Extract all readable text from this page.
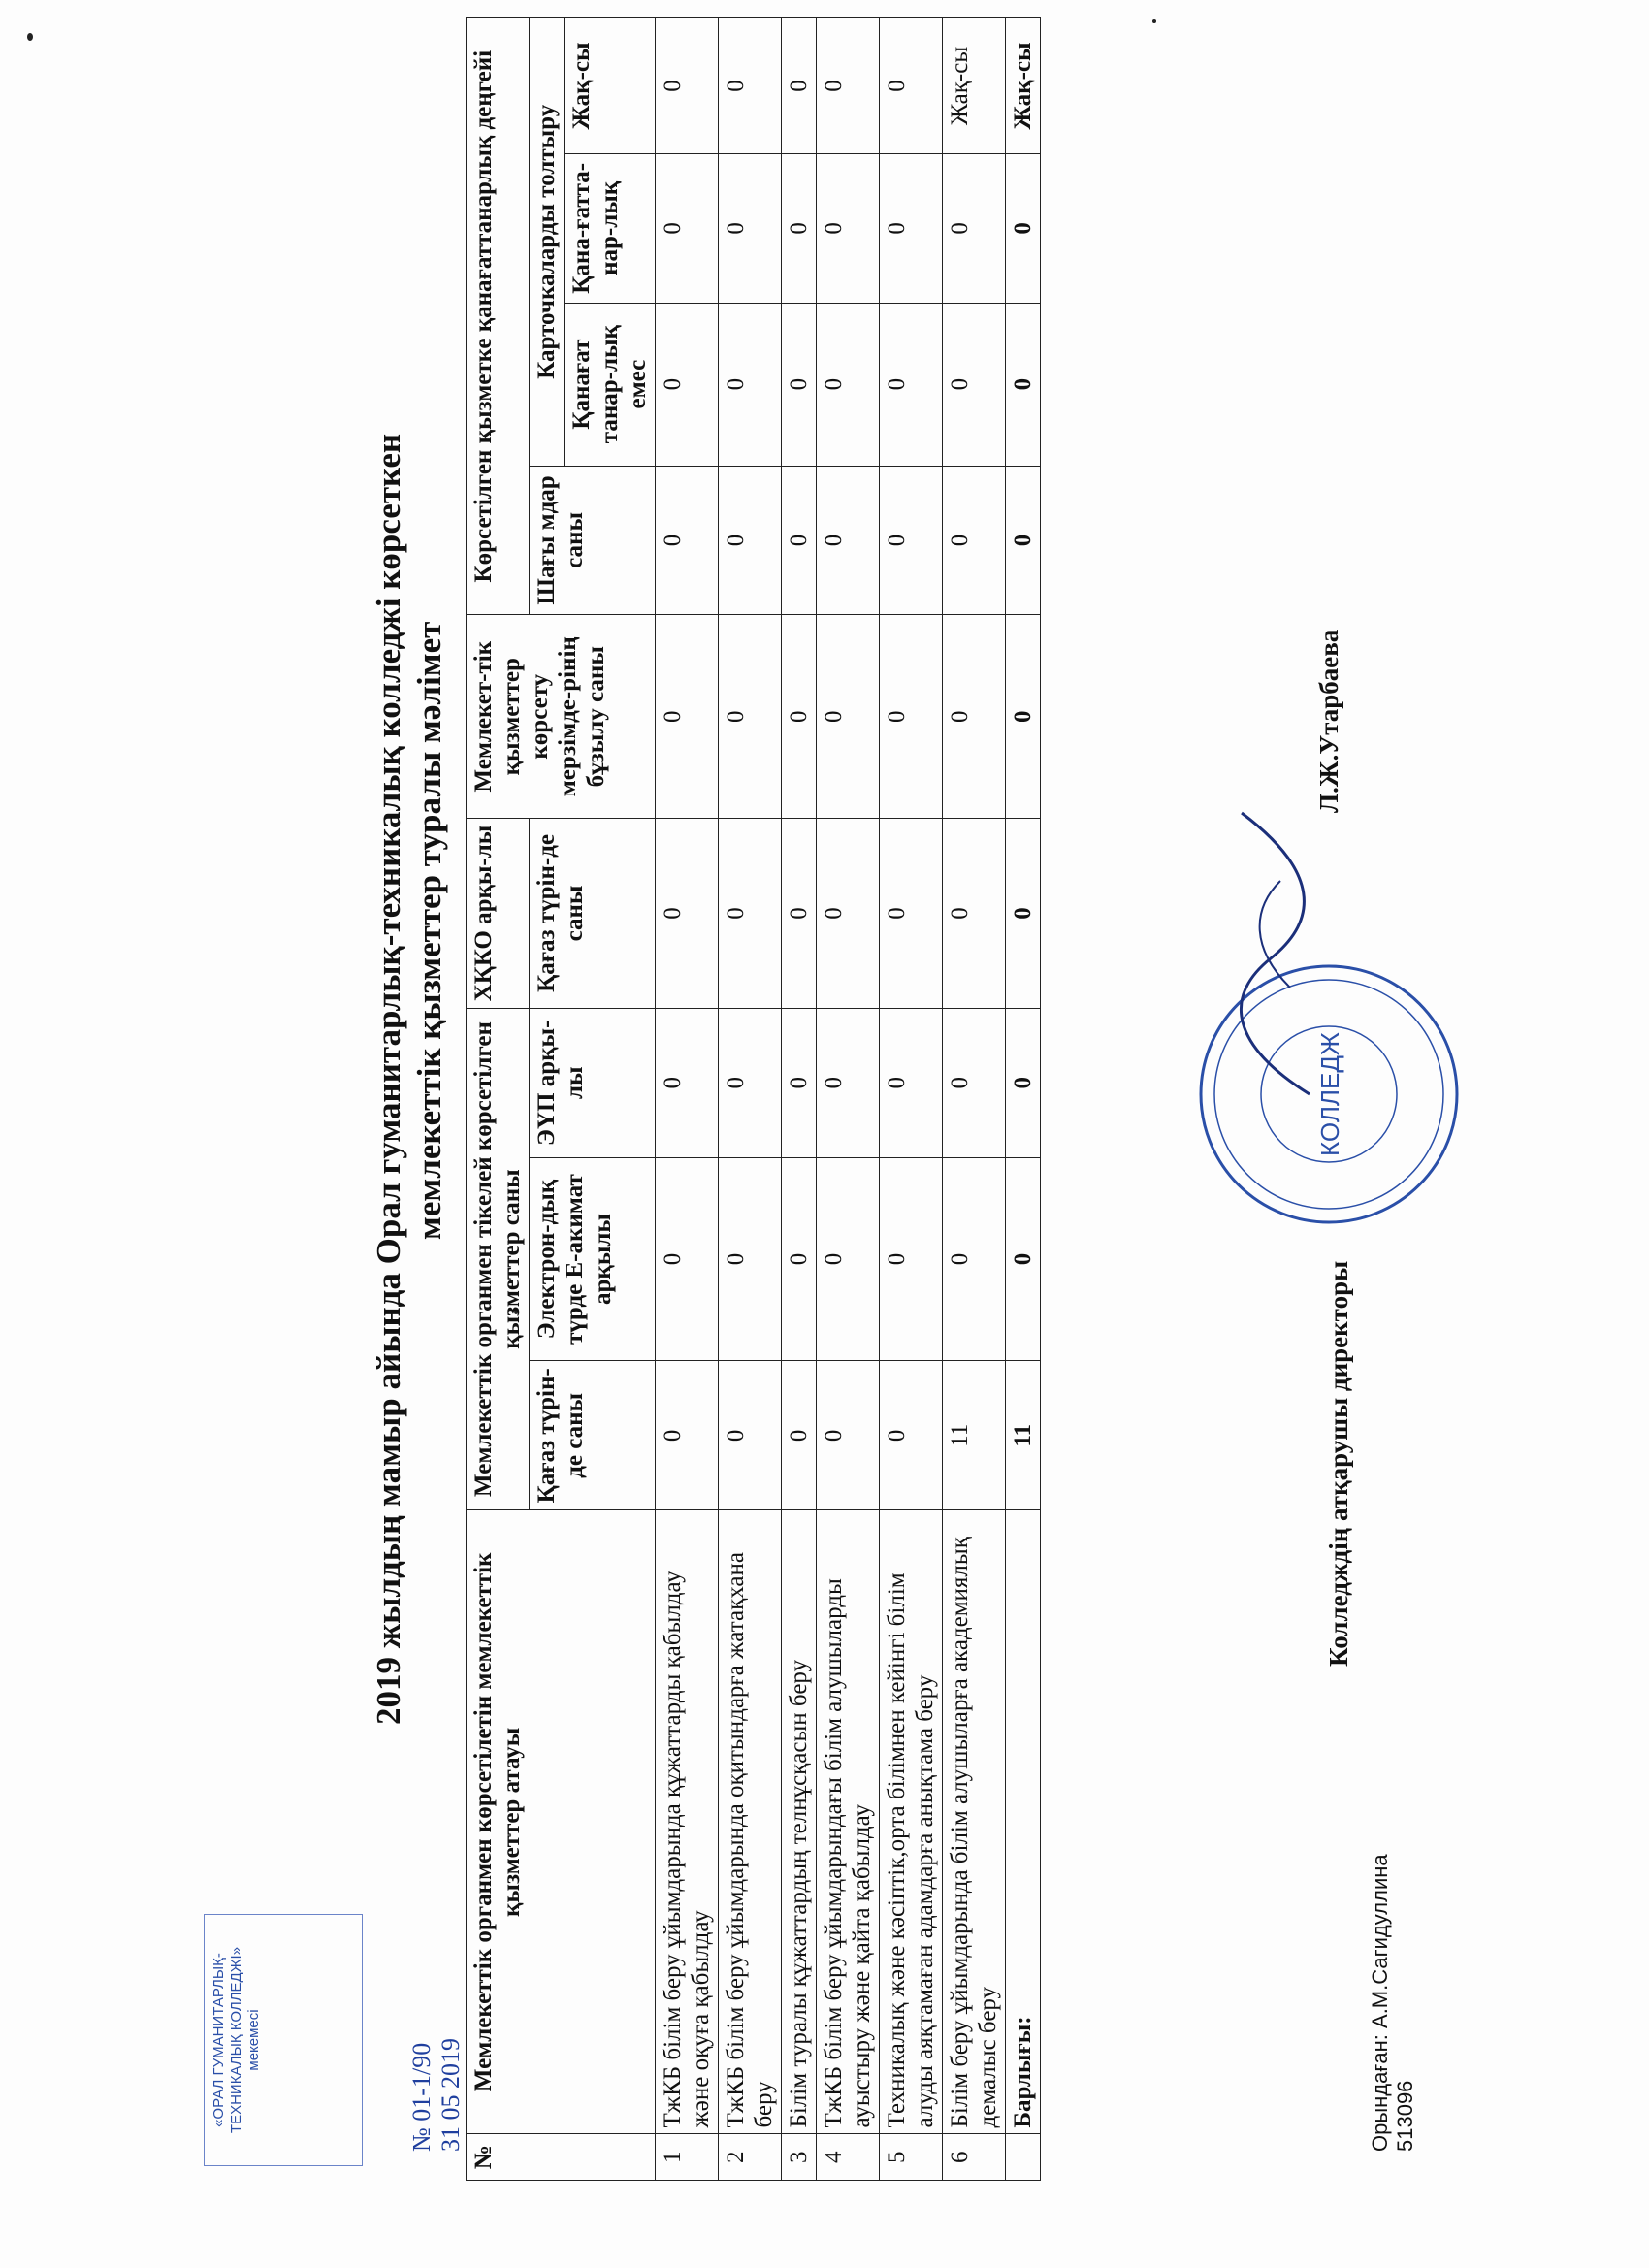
«ОРАЛ ГУМАНИТАРЛЫҚ-ТЕХНИКАЛЫҚ КОЛЛЕДЖІ» мекемесі
№ 01-1/90
31 05 2019
2019 жылдың мамыр айында Орал гуманитарлық-техникалық колледжі көрсеткен мемлекеттік қызметтер туралы мәлімет
№	Мемлекеттік органмен көрсетілетін мемлекеттік қызметтер атауы	Мемлекеттік органмен тікелей көрсетілген қызметтер саны			ХҚКО арқы-лы	Мемлекет-тік қызметтер көрсету мерзімде-рінің бұзылу саны	Көрсетілген қызметке қанағаттанарлық деңгейі			
		Қағаз түрін-де саны	Электрон-дық түрде Е-акимат арқылы	ЭҮП арқы-лы	Қағаз түрін-де саны		Шағы мдар саны	Карточкаларды толтыру		
								Қанағат танар-лық емес	Қана-ғатта-нар-лық	Жақ-сы
1	ТжКБ білім беру ұйымдарында құжаттарды қабылдау және оқуға қабылдау	0	0	0	0	0	0	0	0	0
2	ТжКБ білім беру ұйымдарында оқитындарға жатақхана беру	0	0	0	0	0	0	0	0	0
3	Білім туралы құжаттардың телнұсқасын беру	0	0	0	0	0	0	0	0	0
4	ТжКБ білім беру ұйымдарындағы білім алушыларды ауыстыру және қайта қабылдау	0	0	0	0	0	0	0	0	0
5	Техникалық және кәсіптік,орта білімнен кейінгі білім алуды аяқтамаған адамдарға анықтама беру	0	0	0	0	0	0	0	0	0
6	Білім беру ұйымдарында білім алушыларға академиялық демалыс беру	11	0	0	0	0	0	0	0	Жақ-сы
	Барлығы:	11	0	0	0	0	0	0	0	Жақ-сы
КОЛЛЕДЖ
Колледждің атқарушы директоры
Л.Ж.Утарбаева
Орындаған: А.М.Сагидуллина 513096
